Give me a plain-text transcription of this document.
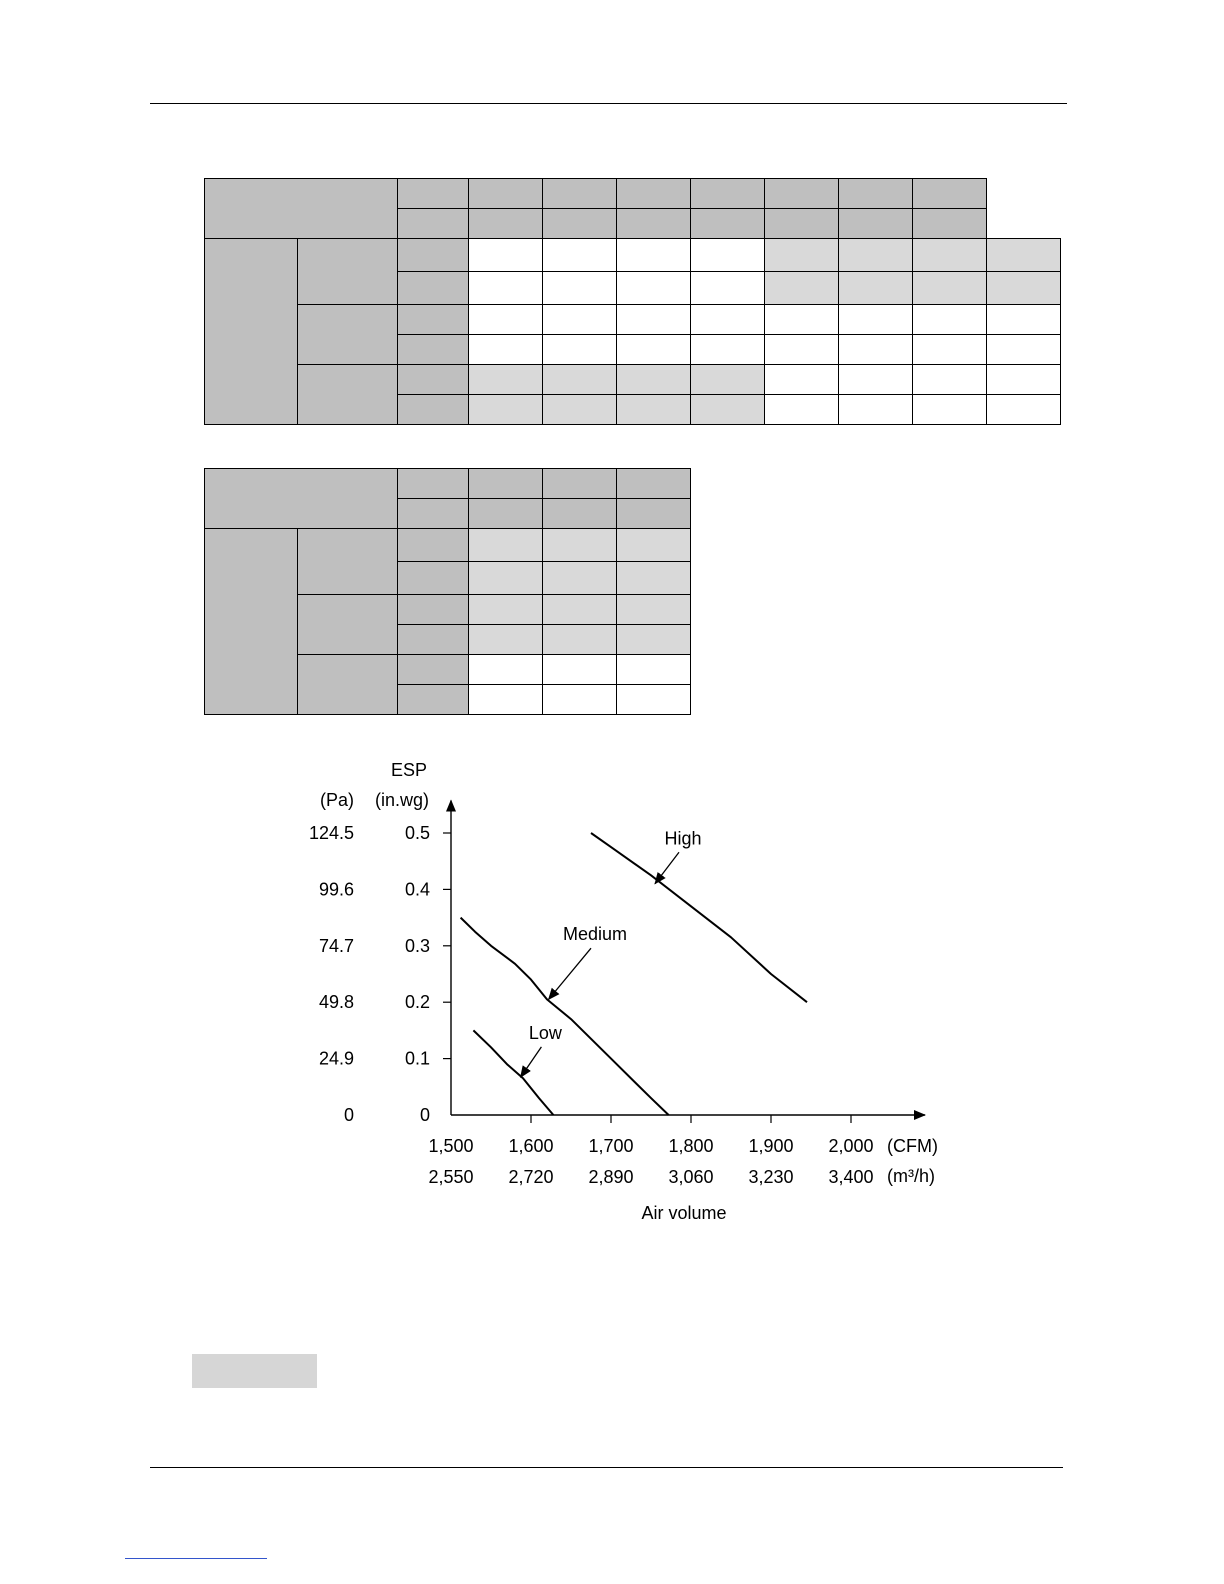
ESP
(Pa) (in.wg)
(CFM)
(m³/h)
Air volume
0
0
0.1
24.9
0.2
49.8
0.3
74.7
0.4
99.6
0.5
124.5
1,500
2,550
1,600
2,720
1,700
2,890
1,800
3,060
1,900
3,230
2,000
3,400
High
Medium
Low
